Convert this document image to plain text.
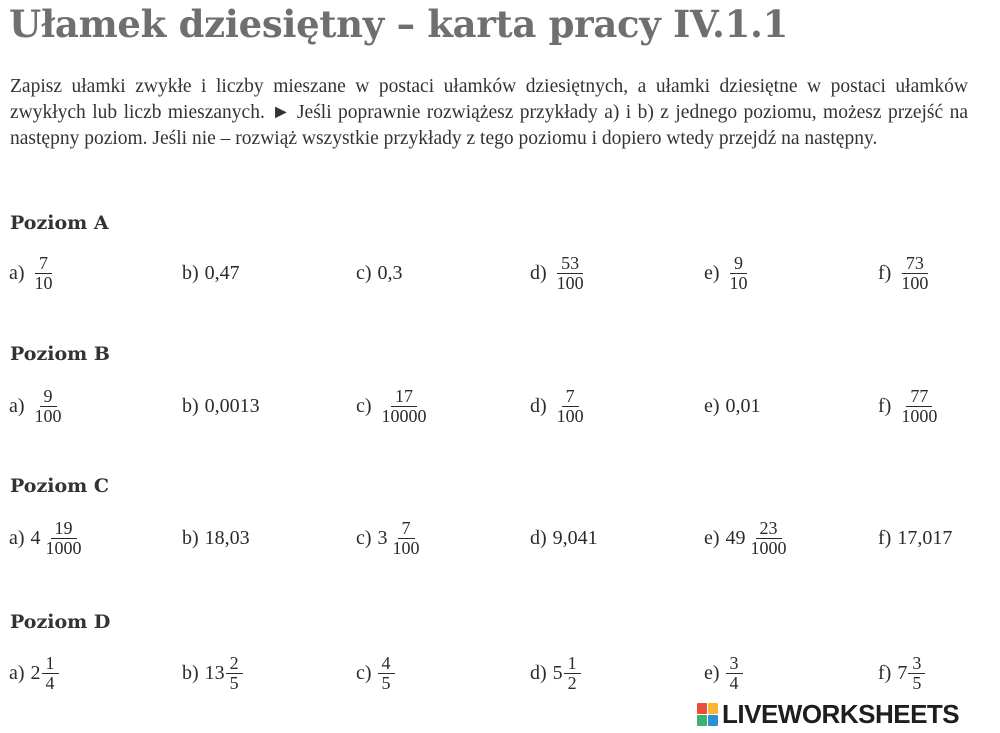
Ułamek dziesiętny – karta pracy IV.1.1

Zapisz ułamki zwykłe i liczby mieszane w postaci ułamków dziesiętnych, a ułamki dziesiętne w postaci ułamków zwykłych lub liczb mieszanych. ► Jeśli poprawnie rozwiążesz przykłady a) i b) z jednego poziomu, możesz przejść na następny poziom. Jeśli nie – rozwiąż wszystkie przykłady z tego poziomu i dopiero wtedy przejdź na następny.

Poziom A
$a) \frac{7}{10}$	b) 0,47	c) 0,3	$d) \frac{53}{100}$	$e) \frac{9}{10}$	$f) \frac{73}{100}$
Poziom B
$a) \frac{9}{100}$	b) 0,0013	$c) \frac{17}{10000}$	$d) \frac{7}{100}$	e) 0,01	$f) \frac{77}{1000}$
Poziom C
a) $4 \frac{19}{1000}$	b) 18,03	c) $3 \frac{7}{100}$	d) 9,041	e) $49 \frac{23}{1000}$	f) 17,017
Poziom D
a) $2 \frac{1}{4}$	b) $13 \frac{2}{5}$	$c) \frac{4}{5}$	d) $5 \frac{1}{2}$	$e) \frac{3}{4}$	f) $7 \frac{3}{5}$
LIVEWORKSHEETS
